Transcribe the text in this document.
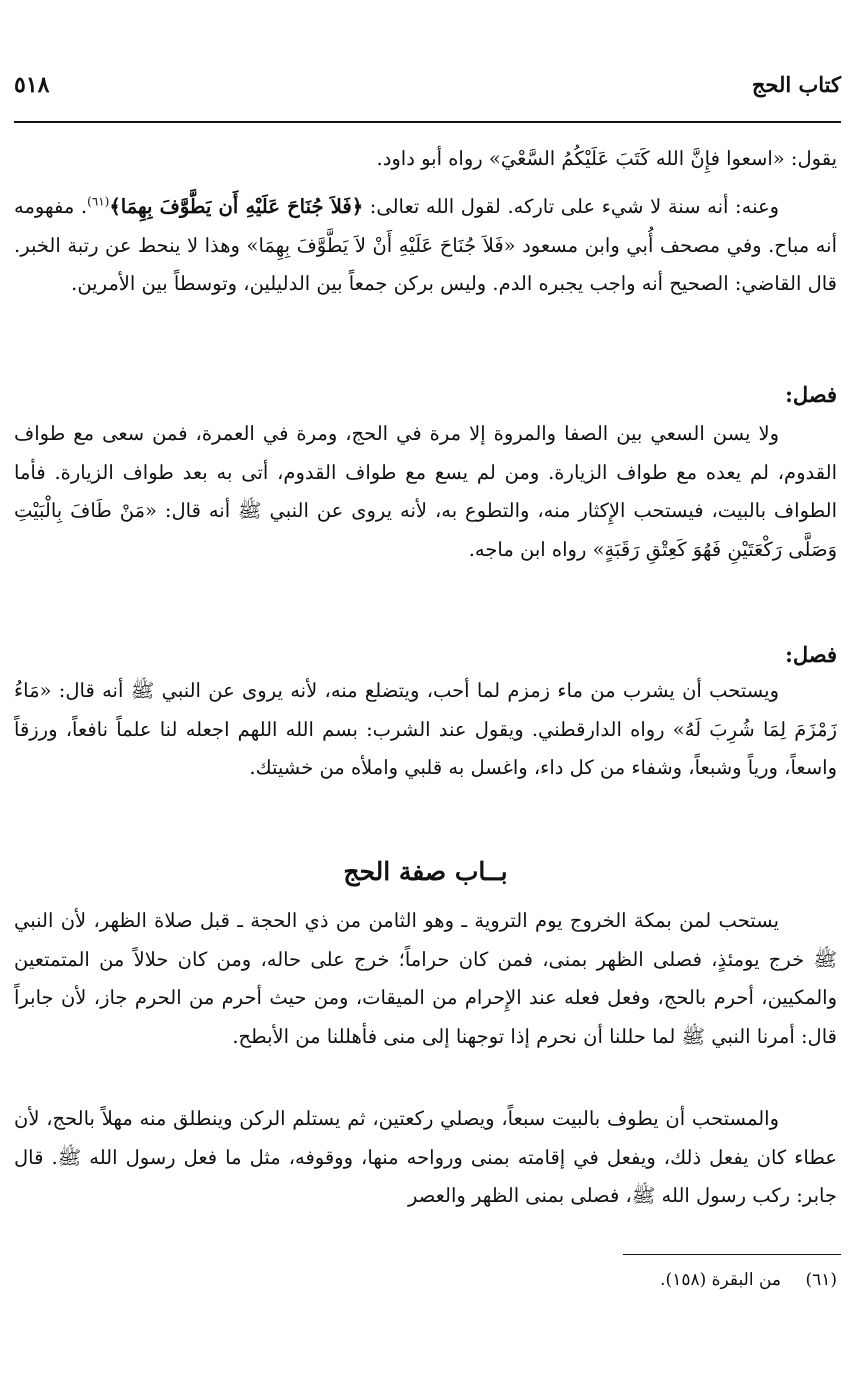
كتاب الحج
٥١٨

يقول: «اسعوا فإِنَّ الله كَتَبَ عَلَيْكُمُ السَّعْيَ» رواه أبو داود.

وعنه: أنه سنة لا شيء على تاركه. لقول الله تعالى: ﴿فَلاَ جُنَاحَ عَلَيْهِ أَن يَطَّوَّفَ بِهِمَا﴾$^{(٦١)}$. مفهومه أنه مباح. وفي مصحف أُبي وابن مسعود «فَلاَ جُنَاحَ عَلَيْهِ أَنْ لاَ يَطَّوَّفَ بِهِمَا» وهذا لا ينحط عن رتبة الخبر. قال القاضي: الصحيح أنه واجب يجبره الدم. وليس بركن جمعاً بين الدليلين، وتوسطاً بين الأمرين.

فصل:

ولا يسن السعي بين الصفا والمروة إلا مرة في الحج، ومرة في العمرة، فمن سعى مع طواف القدوم، لم يعده مع طواف الزيارة. ومن لم يسع مع طواف القدوم، أتى به بعد طواف الزيارة. فأما الطواف بالبيت، فيستحب الإِكثار منه، والتطوع به، لأنه يروى عن النبي ﷺ أنه قال: «مَنْ طَافَ بِالْبَيْتِ وَصَلَّى رَكْعَتَيْنِ فَهُوَ كَعِتْقِ رَقَبَةٍ» رواه ابن ماجه.

فصل:

ويستحب أن يشرب من ماء زمزم لما أحب، ويتضلع منه، لأنه يروى عن النبي ﷺ أنه قال: «مَاءُ زَمْزَمَ لِمَا شُرِبَ لَهُ» رواه الدارقطني. ويقول عند الشرب: بسم الله اللهم اجعله لنا علماً نافعاً، ورزقاً واسعاً، ورياً وشبعاً، وشفاء من كل داء، واغسل به قلبي واملأه من خشيتك.

بــاب صفة الحج

يستحب لمن بمكة الخروج يوم التروية ـ وهو الثامن من ذي الحجة ـ قبل صلاة الظهر، لأن النبي ﷺ خرج يومئذٍ، فصلى الظهر بمنى، فمن كان حراماً؛ خرج على حاله، ومن كان حلالاً من المتمتعين والمكيين، أحرم بالحج، وفعل فعله عند الإِحرام من الميقات، ومن حيث أحرم من الحرم جاز، لأن جابراً قال: أمرنا النبي ﷺ لما حللنا أن نحرم إذا توجهنا إلى منى فأهللنا من الأبطح.

والمستحب أن يطوف بالبيت سبعاً، ويصلي ركعتين، ثم يستلم الركن وينطلق منه مهلاً بالحج، لأن عطاء كان يفعل ذلك، ويفعل في إقامته بمنى ورواحه منها، ووقوفه، مثل ما فعل رسول الله ﷺ. قال جابر: ركب رسول الله ﷺ، فصلى بمنى الظهر والعصر

(٦١)من البقرة (١٥٨).
